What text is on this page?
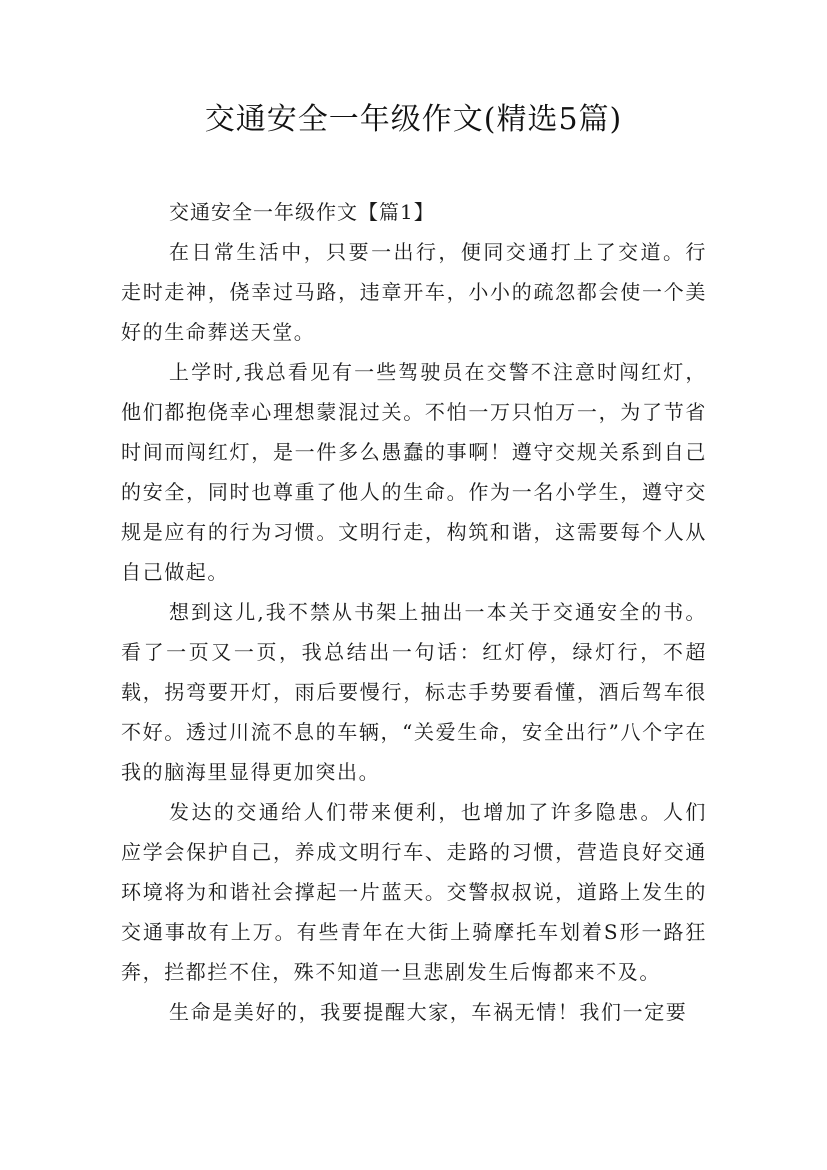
交通安全一年级作文(精选5篇)

交通安全一年级作文【篇1】

在日常生活中，只要一出行，便同交通打上了交道。行走时走神，侥幸过马路，违章开车，小小的疏忽都会使一个美好的生命葬送天堂。

上学时,我总看见有一些驾驶员在交警不注意时闯红灯，他们都抱侥幸心理想蒙混过关。不怕一万只怕万一，为了节省时间而闯红灯，是一件多么愚蠢的事啊！遵守交规关系到自己的安全，同时也尊重了他人的生命。作为一名小学生，遵守交规是应有的行为习惯。文明行走，构筑和谐，这需要每个人从自己做起。

想到这儿,我不禁从书架上抽出一本关于交通安全的书。看了一页又一页，我总结出一句话：红灯停，绿灯行，不超载，拐弯要开灯，雨后要慢行，标志手势要看懂，酒后驾车很不好。透过川流不息的车辆，“关爱生命，安全出行”八个字在我的脑海里显得更加突出。

发达的交通给人们带来便利，也增加了许多隐患。人们应学会保护自己，养成文明行车、走路的习惯，营造良好交通环境将为和谐社会撑起一片蓝天。交警叔叔说，道路上发生的交通事故有上万。有些青年在大街上骑摩托车划着S形一路狂奔，拦都拦不住，殊不知道一旦悲剧发生后悔都来不及。

生命是美好的，我要提醒大家，车祸无情！我们一定要
